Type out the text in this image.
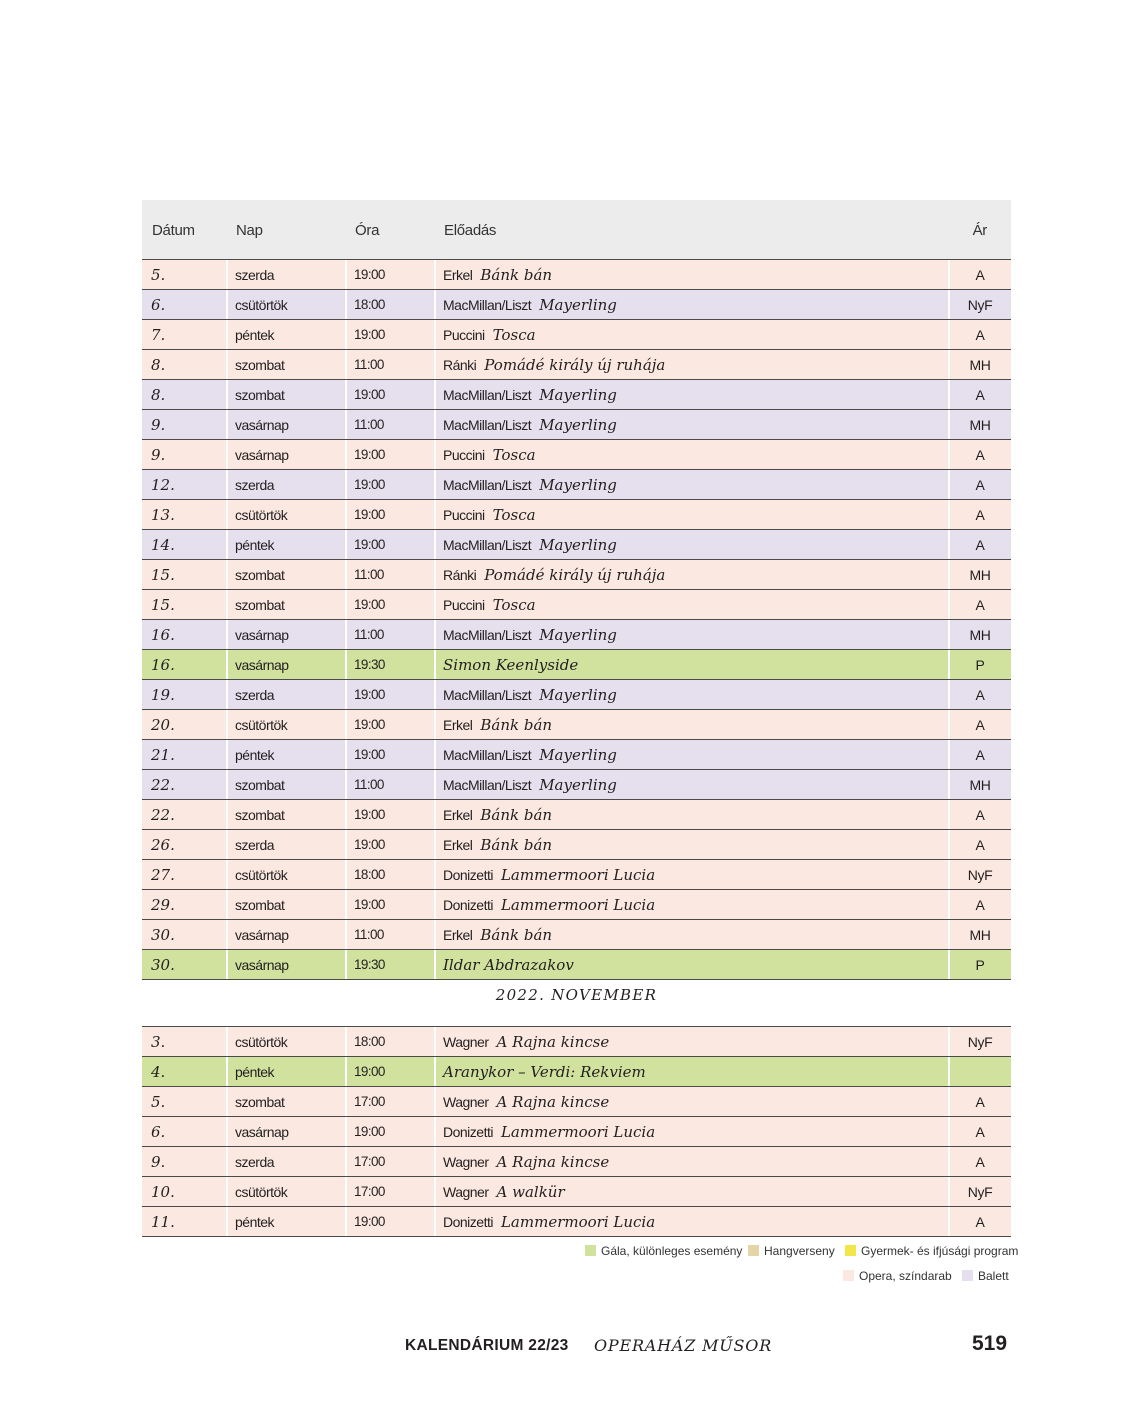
Dátum	Nap	Óra	Előadás	Ár
5.	szerda	19:00	Erkel Bánk bán	A
6.	csütörtök	18:00	MacMillan/Liszt Mayerling	NyF
7.	péntek	19:00	Puccini Tosca	A
8.	szombat	11:00	Ránki Pomádé király új ruhája	MH
8.	szombat	19:00	MacMillan/Liszt Mayerling	A
9.	vasárnap	11:00	MacMillan/Liszt Mayerling	MH
9.	vasárnap	19:00	Puccini Tosca	A
12.	szerda	19:00	MacMillan/Liszt Mayerling	A
13.	csütörtök	19:00	Puccini Tosca	A
14.	péntek	19:00	MacMillan/Liszt Mayerling	A
15.	szombat	11:00	Ránki Pomádé király új ruhája	MH
15.	szombat	19:00	Puccini Tosca	A
16.	vasárnap	11:00	MacMillan/Liszt Mayerling	MH
16.	vasárnap	19:30	Simon Keenlyside	P
19.	szerda	19:00	MacMillan/Liszt Mayerling	A
20.	csütörtök	19:00	Erkel Bánk bán	A
21.	péntek	19:00	MacMillan/Liszt Mayerling	A
22.	szombat	11:00	MacMillan/Liszt Mayerling	MH
22.	szombat	19:00	Erkel Bánk bán	A
26.	szerda	19:00	Erkel Bánk bán	A
27.	csütörtök	18:00	Donizetti Lammermoori Lucia	NyF
29.	szombat	19:00	Donizetti Lammermoori Lucia	A
30.	vasárnap	11:00	Erkel Bánk bán	MH
30.	vasárnap	19:30	Ildar Abdrazakov	P
2022. NOVEMBER
3.	csütörtök	18:00	Wagner A Rajna kincse	NyF
4.	péntek	19:00	Aranykor – Verdi: Rekviem
5.	szombat	17:00	Wagner A Rajna kincse	A
6.	vasárnap	19:00	Donizetti Lammermoori Lucia	A
9.	szerda	17:00	Wagner A Rajna kincse	A
10.	csütörtök	17:00	Wagner A walkür	NyF
11.	péntek	19:00	Donizetti Lammermoori Lucia	A
Gála, különleges esemény	Hangverseny	Gyermek- és ifjúsági program
Opera, színdarab	Balett
KALENDÁRIUM 22/23 OPERAHÁZ MŰSOR	519
